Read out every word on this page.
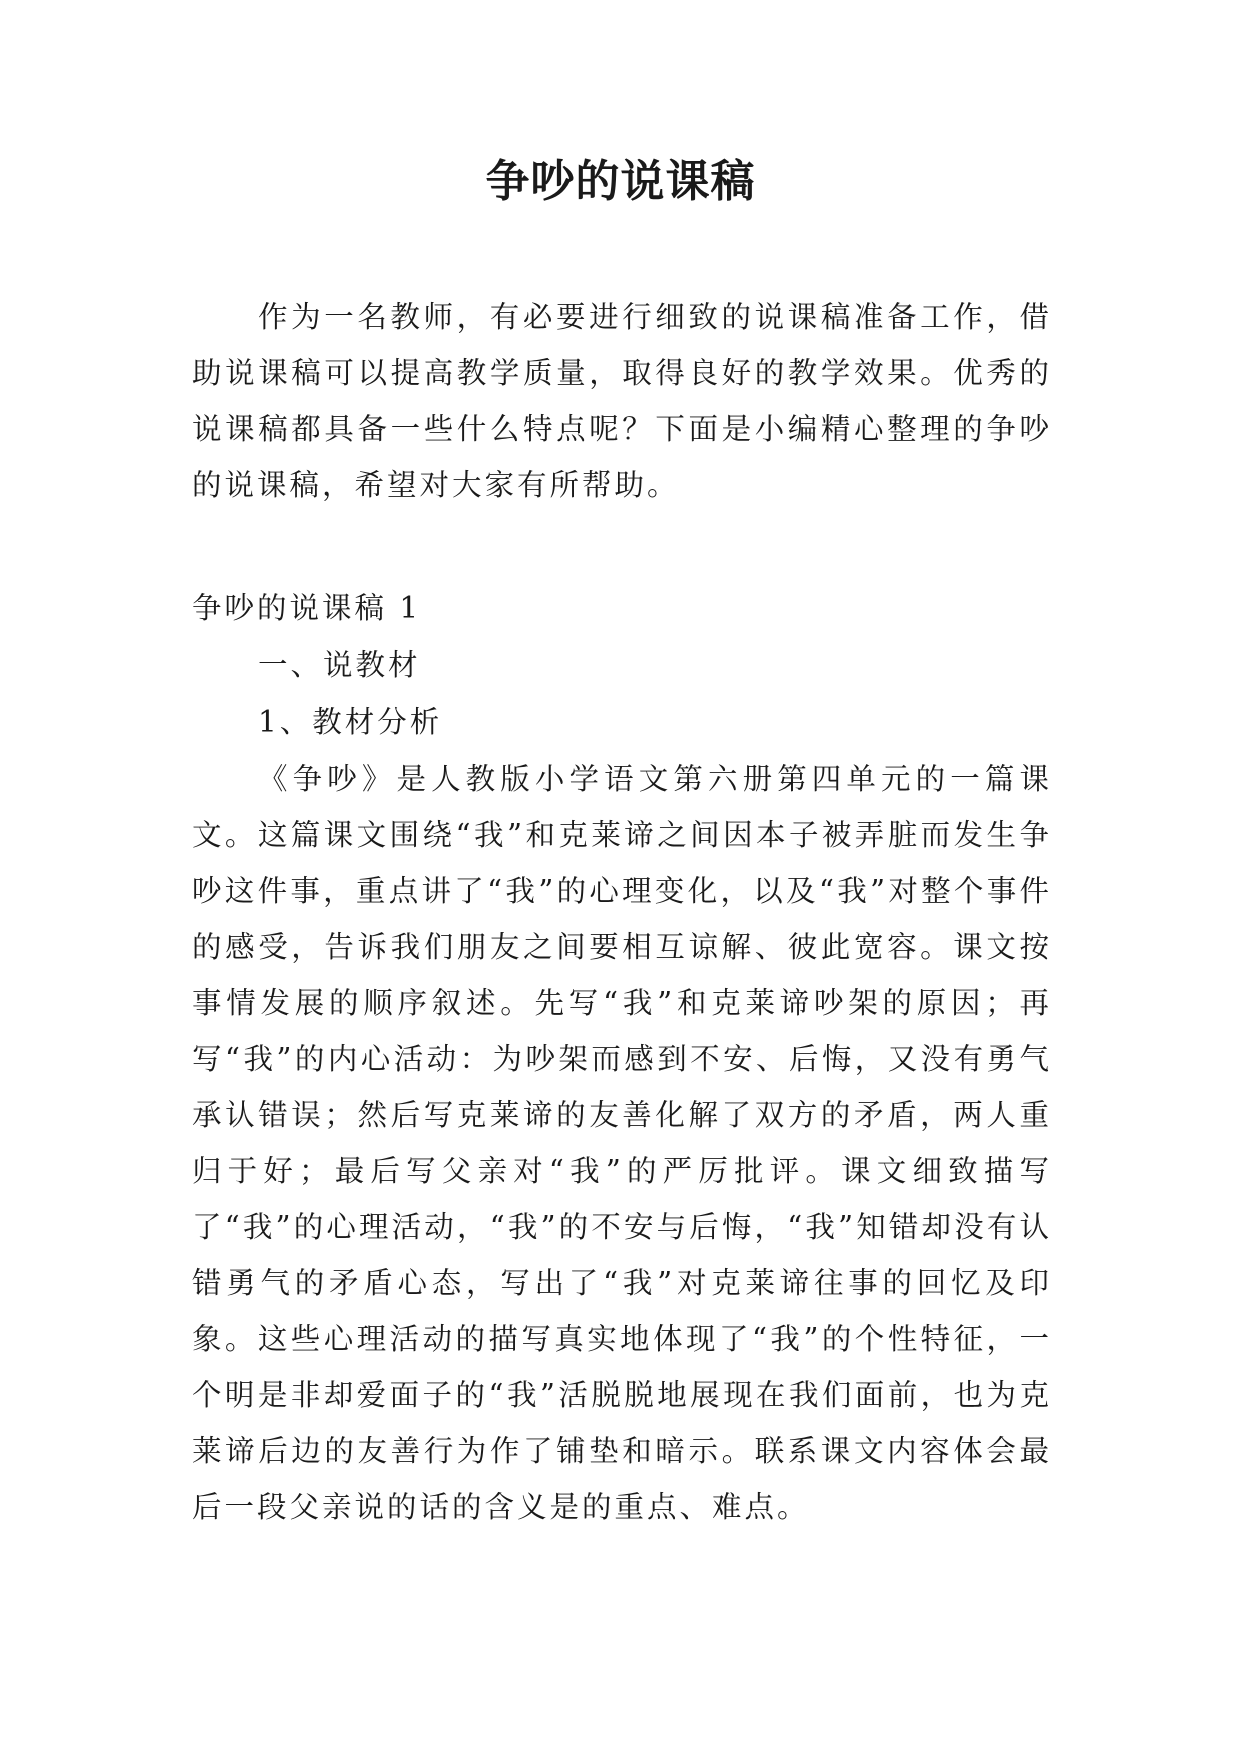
争吵的说课稿

作为一名教师，有必要进行细致的说课稿准备工作，借助说课稿可以提高教学质量，取得良好的教学效果。优秀的说课稿都具备一些什么特点呢？下面是小编精心整理的争吵的说课稿，希望对大家有所帮助。

争吵的说课稿 1
一、说教材
1、教材分析

《争吵》是人教版小学语文第六册第四单元的一篇课文。这篇课文围绕“我”和克莱谛之间因本子被弄脏而发生争吵这件事，重点讲了“我”的心理变化，以及“我”对整个事件的感受，告诉我们朋友之间要相互谅解、彼此宽容。课文按事情发展的顺序叙述。先写“我”和克莱谛吵架的原因；再写“我”的内心活动：为吵架而感到不安、后悔，又没有勇气承认错误；然后写克莱谛的友善化解了双方的矛盾，两人重归于好；最后写父亲对“我”的严厉批评。课文细致描写了“我”的心理活动，“我”的不安与后悔，“我”知错却没有认错勇气的矛盾心态，写出了“我”对克莱谛往事的回忆及印象。这些心理活动的描写真实地体现了“我”的个性特征，一个明是非却爱面子的“我”活脱脱地展现在我们面前，也为克莱谛后边的友善行为作了铺垫和暗示。联系课文内容体会最后一段父亲说的话的含义是的重点、难点。
